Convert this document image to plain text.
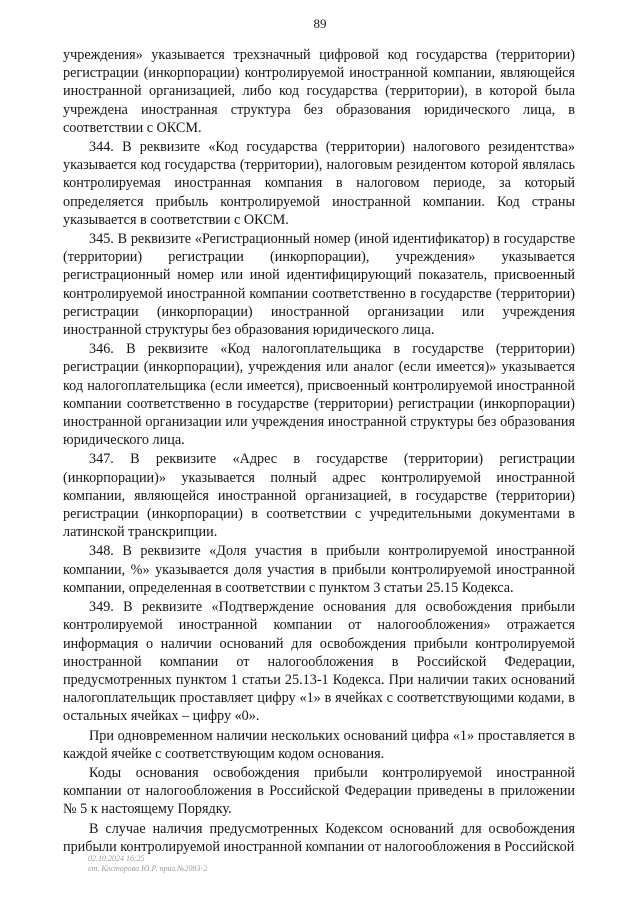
89

учреждения» указывается трехзначный цифровой код государства (территории) регистрации (инкорпорации) контролируемой иностранной компании, являющейся иностранной организацией, либо код государства (территории), в которой была учреждена иностранная структура без образования юридического лица, в соответствии с ОКСМ.

344. В реквизите «Код государства (территории) налогового резидентства» указывается код государства (территории), налоговым резидентом которой являлась контролируемая иностранная компания в налоговом периоде, за который определяется прибыль контролируемой иностранной компании. Код страны указывается в соответствии с ОКСМ.

345. В реквизите «Регистрационный номер (иной идентификатор) в государстве (территории) регистрации (инкорпорации), учреждения» указывается регистрационный номер или иной идентифицирующий показатель, присвоенный контролируемой иностранной компании соответственно в государстве (территории) регистрации (инкорпорации) иностранной организации или учреждения иностранной структуры без образования юридического лица.

346. В реквизите «Код налогоплательщика в государстве (территории) регистрации (инкорпорации), учреждения или аналог (если имеется)» указывается код налогоплательщика (если имеется), присвоенный контролируемой иностранной компании соответственно в государстве (территории) регистрации (инкорпорации) иностранной организации или учреждения иностранной структуры без образования юридического лица.

347. В реквизите «Адрес в государстве (территории) регистрации (инкорпорации)» указывается полный адрес контролируемой иностранной компании, являющейся иностранной организацией, в государстве (территории) регистрации (инкорпорации) в соответствии с учредительными документами в латинской транскрипции.

348. В реквизите «Доля участия в прибыли контролируемой иностранной компании, %» указывается доля участия в прибыли контролируемой иностранной компании, определенная в соответствии с пунктом 3 статьи 25.15 Кодекса.

349. В реквизите «Подтверждение основания для освобождения прибыли контролируемой иностранной компании от налогообложения» отражается информация о наличии оснований для освобождения прибыли контролируемой иностранной компании от налогообложения в Российской Федерации, предусмотренных пунктом 1 статьи 25.13-1 Кодекса. При наличии таких оснований налогоплательщик проставляет цифру «1» в ячейках с соответствующими кодами, в остальных ячейках – цифру «0».

При одновременном наличии нескольких оснований цифра «1» проставляется в каждой ячейке с соответствующим кодом основания.

Коды основания освобождения прибыли контролируемой иностранной компании от налогообложения в Российской Федерации приведены в приложении № 5 к настоящему Порядку.

В случае наличия предусмотренных Кодексом оснований для освобождения прибыли контролируемой иностранной компании от налогообложения в Российской

02.10.2024 16:25
ст. Косторова Ю.Р. прил.№2083-2
